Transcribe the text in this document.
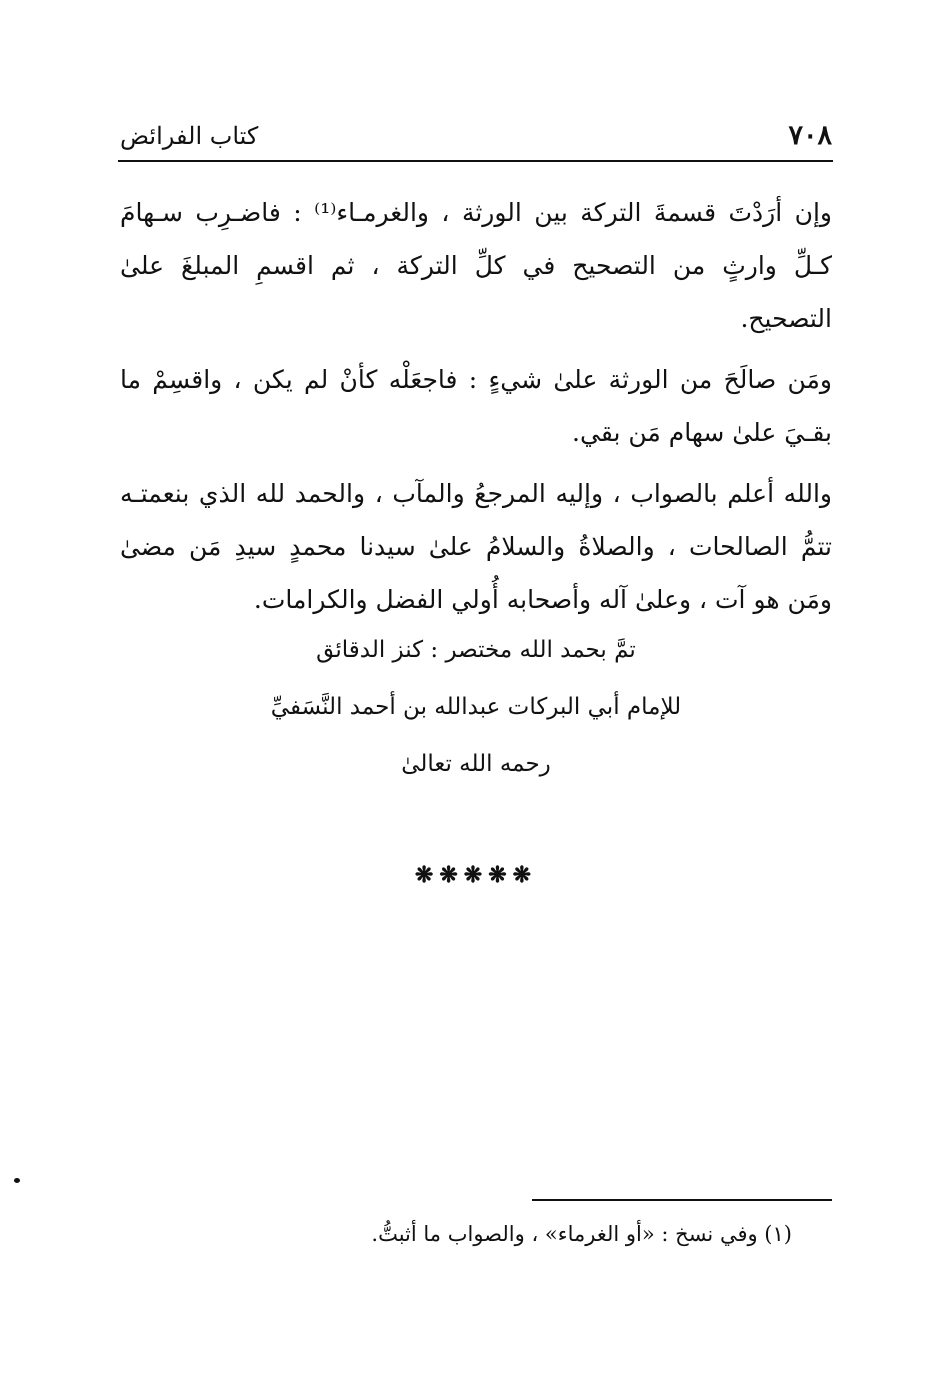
٧٠٨
كتاب الفرائض

وإن أرَدْتَ قسمةَ التركة بين الورثة ، والغرمـاء⁽¹⁾ : فاضـرِب سـهامَ كـلِّ وارثٍ من التصحيح في كلِّ التركة ، ثم اقسمِ المبلغَ علىٰ التصحيح.

ومَن صالَحَ من الورثة علىٰ شيءٍ : فاجعَلْه كأنْ لم يكن ، واقسِمْ ما بقـيَ علىٰ سهام مَن بقي.

والله أعلم بالصواب ، وإليه المرجعُ والمآب ، والحمد لله الذي بنعمتـه تتمُّ الصالحات ، والصلاةُ والسلامُ علىٰ سيدنا محمدٍ سيدِ مَن مضىٰ ومَن هو آت ، وعلىٰ آله وأصحابه أُولي الفضل والكرامات.

تمَّ بحمد الله مختصر : كنز الدقائق
للإمام أبي البركات عبدالله بن أحمد النَّسَفيِّ
رحمه الله تعالىٰ
❋❋❋❋❋
(١) وفي نسخ : «أو الغرماء» ، والصواب ما أثبتُّ.
